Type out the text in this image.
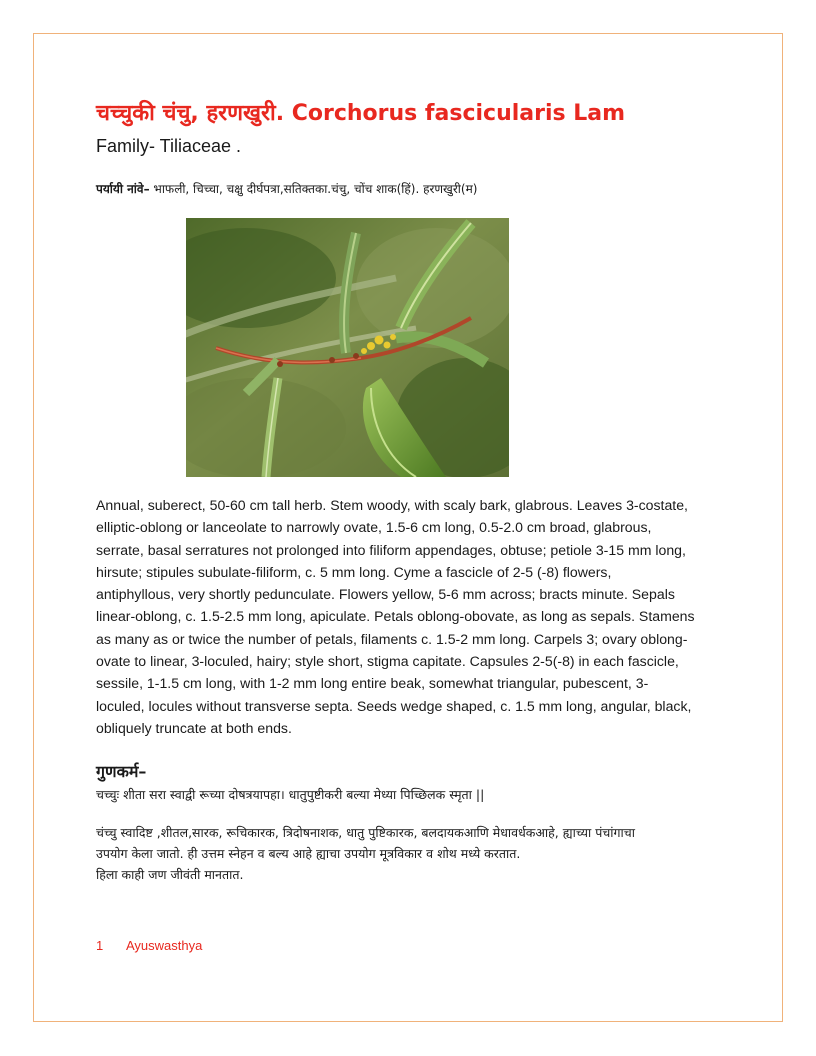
चच्चुकी चंचु, हरणखुरी. Corchorus fascicularis Lam
Family- Tiliaceae .
पर्यायी नांवे– भाफली, चिच्चा, चक्षु दीर्घपत्रा,सतिक्तका.चंचु, चोंच शाक(हिं). हरणखुरी(म)
Annual, suberect, 50-60 cm tall herb. Stem woody, with scaly bark, glabrous. Leaves 3-costate,
elliptic-oblong or lanceolate to narrowly ovate, 1.5-6 cm long, 0.5-2.0 cm broad, glabrous,
serrate, basal serratures not prolonged into filiform appendages, obtuse; petiole 3-15 mm long,
hirsute; stipules subulate-filiform, c. 5 mm long. Cyme a fascicle of 2-5 (-8) flowers,
antiphyllous, very shortly pedunculate. Flowers yellow, 5-6 mm across; bracts minute. Sepals
linear-oblong, c. 1.5-2.5 mm long, apiculate. Petals oblong-obovate, as long as sepals. Stamens
as many as or twice the number of petals, filaments c. 1.5-2 mm long. Carpels 3; ovary oblong-
ovate to linear, 3-loculed, hairy; style short, stigma capitate. Capsules 2-5(-8) in each fascicle,
sessile, 1-1.5 cm long, with 1-2 mm long entire beak, somewhat triangular, pubescent, 3-
loculed, locules without transverse septa. Seeds wedge shaped, c. 1.5 mm long, angular, black,
obliquely truncate at both ends.
गुणकर्म–
चच्चुः शीता सरा स्वाद्वी रूच्या दोषत्रयापहा। धातुपुष्टीकरी बल्या मेध्या पिच्छिलक स्मृता ||
चंच्चु स्वादिष्ट ,शीतल,सारक, रूचिकारक, त्रिदोषनाशक, धातु पुष्टिकारक, बलदायकआणि मेधावर्धकआहे, ह्याच्या पंचांगाचा
उपयोग केला जातो. ही उत्तम स्नेहन व बल्य आहे ह्याचा उपयोग मूत्रविकार व शोथ मध्ये करतात.
हिला काही जण जीवंती मानतात.
1 Ayuswasthya
